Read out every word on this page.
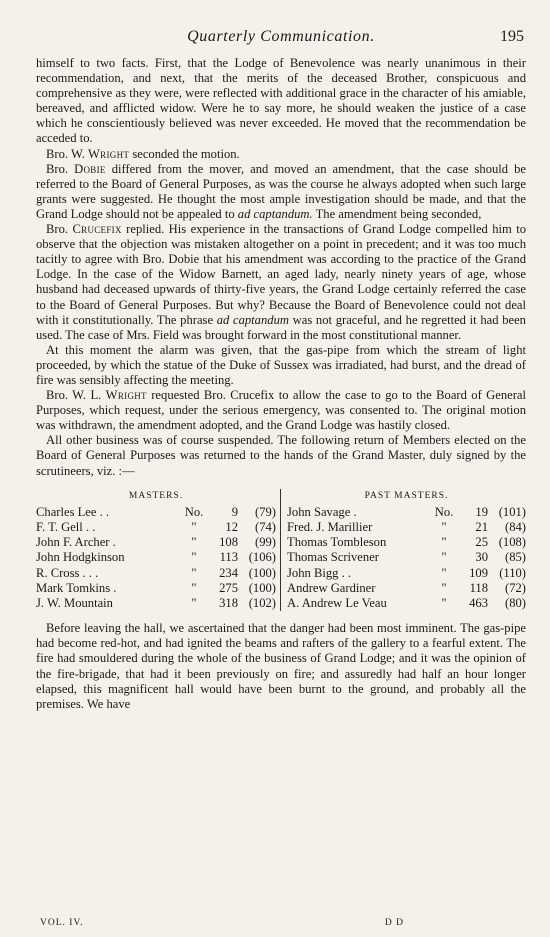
Quarterly Communication.	195

himself to two facts. First, that the Lodge of Benevolence was nearly unanimous in their recommendation, and next, that the merits of the deceased Brother, conspicuous and comprehensive as they were, were reflected with additional grace in the character of his amiable, bereaved, and afflicted widow. Were he to say more, he should weaken the justice of a case which he conscientiously believed was never exceeded. He moved that the recommendation be acceded to.

Bro. W. Wright seconded the motion.

Bro. Dobie differed from the mover, and moved an amendment, that the case should be referred to the Board of General Purposes, as was the course he always adopted when such large grants were suggested. He thought the most ample investigation should be made, and that the Grand Lodge should not be appealed to ad captandum. The amendment being seconded,

Bro. Crucefix replied. His experience in the transactions of Grand Lodge compelled him to observe that the objection was mistaken altogether on a point in precedent; and it was too much tacitly to agree with Bro. Dobie that his amendment was according to the practice of the Grand Lodge. In the case of the Widow Barnett, an aged lady, nearly ninety years of age, whose husband had deceased upwards of thirty-five years, the Grand Lodge certainly referred the case to the Board of General Purposes. But why? Because the Board of Benevolence could not deal with it constitutionally. The phrase ad captandum was not graceful, and he regretted it had been used. The case of Mrs. Field was brought forward in the most constitutional manner.

At this moment the alarm was given, that the gas-pipe from which the stream of light proceeded, by which the statue of the Duke of Sussex was irradiated, had burst, and the dread of fire was sensibly affecting the meeting.

Bro. W. L. Wright requested Bro. Crucefix to allow the case to go to the Board of General Purposes, which request, under the serious emergency, was consented to. The original motion was withdrawn, the amendment adopted, and the Grand Lodge was hastily closed.

All other business was of course suspended. The following return of Members elected on the Board of General Purposes was returned to the hands of the Grand Master, duly signed by the scrutineers, viz. :—

MASTERS.
Charles Lee . .	No.	9	(79)
F. T. Gell . .	"	12	(74)
John F. Archer .	"	108	(99)
John Hodgkinson	"	113 (106)
R. Cross . . .	"	234 (100)
Mark Tomkins .	"	275 (100)
J. W. Mountain	"	318 (102)
PAST MASTERS.
John Savage .	No.	19 (101)
Fred. J. Marillier	"	21	(84)
Thomas Tombleson	"	25 (108)
Thomas Scrivener	"	30	(85)
John Bigg . .	"	109 (110)
Andrew Gardiner	"	118	(72)
A. Andrew Le Veau	"	463	(80)

Before leaving the hall, we ascertained that the danger had been most imminent. The gas-pipe had become red-hot, and had ignited the beams and rafters of the gallery to a fearful extent. The fire had smouldered during the whole of the business of Grand Lodge; and it was the opinion of the fire-brigade, that had it been previously on fire; and assuredly had half an hour longer elapsed, this magnificent hall would have been burnt to the ground, and probably all the premises. We have

VOL. IV.	D D
